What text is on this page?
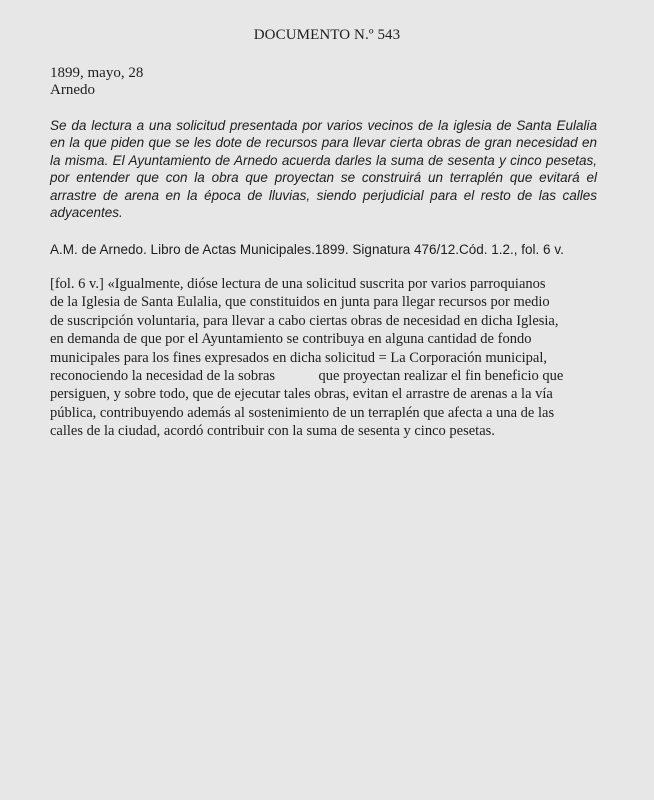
DOCUMENTO N.º 543
1899, mayo, 28
Arnedo
Se da lectura a una solicitud presentada por varios vecinos de la iglesia de Santa Eulalia en la que piden que se les dote de recursos para llevar cierta obras de gran necesidad en la misma. El Ayuntamiento de Arnedo acuerda darles la suma de sesenta y cinco pesetas, por entender que con la obra que proyectan se construirá un terraplén que evitará el arrastre de arena en la época de lluvias, siendo perjudicial para el resto de las calles adyacentes.
A.M. de Arnedo. Libro de Actas Municipales.1899. Signatura 476/12.Cód. 1.2., fol. 6 v.
[fol. 6 v.] «Igualmente, dióse lectura de una solicitud suscrita por varios parroquianos
de la Iglesia de Santa Eulalia, que constituidos en junta para llegar recursos por medio
de suscripción voluntaria, para llevar a cabo ciertas obras de necesidad en dicha Iglesia,
en demanda de que por el Ayuntamiento se contribuya en alguna cantidad de fondo
municipales para los fines expresados en dicha solicitud = La Corporación municipal,
reconociendo la necesidad de la sobras            que proyectan realizar el fin beneficio que
persiguen, y sobre todo, que de ejecutar tales obras, evitan el arrastre de arenas a la vía
pública, contribuyendo además al sostenimiento de un terraplén que afecta a una de las
calles de la ciudad, acordó contribuir con la suma de sesenta y cinco pesetas.
